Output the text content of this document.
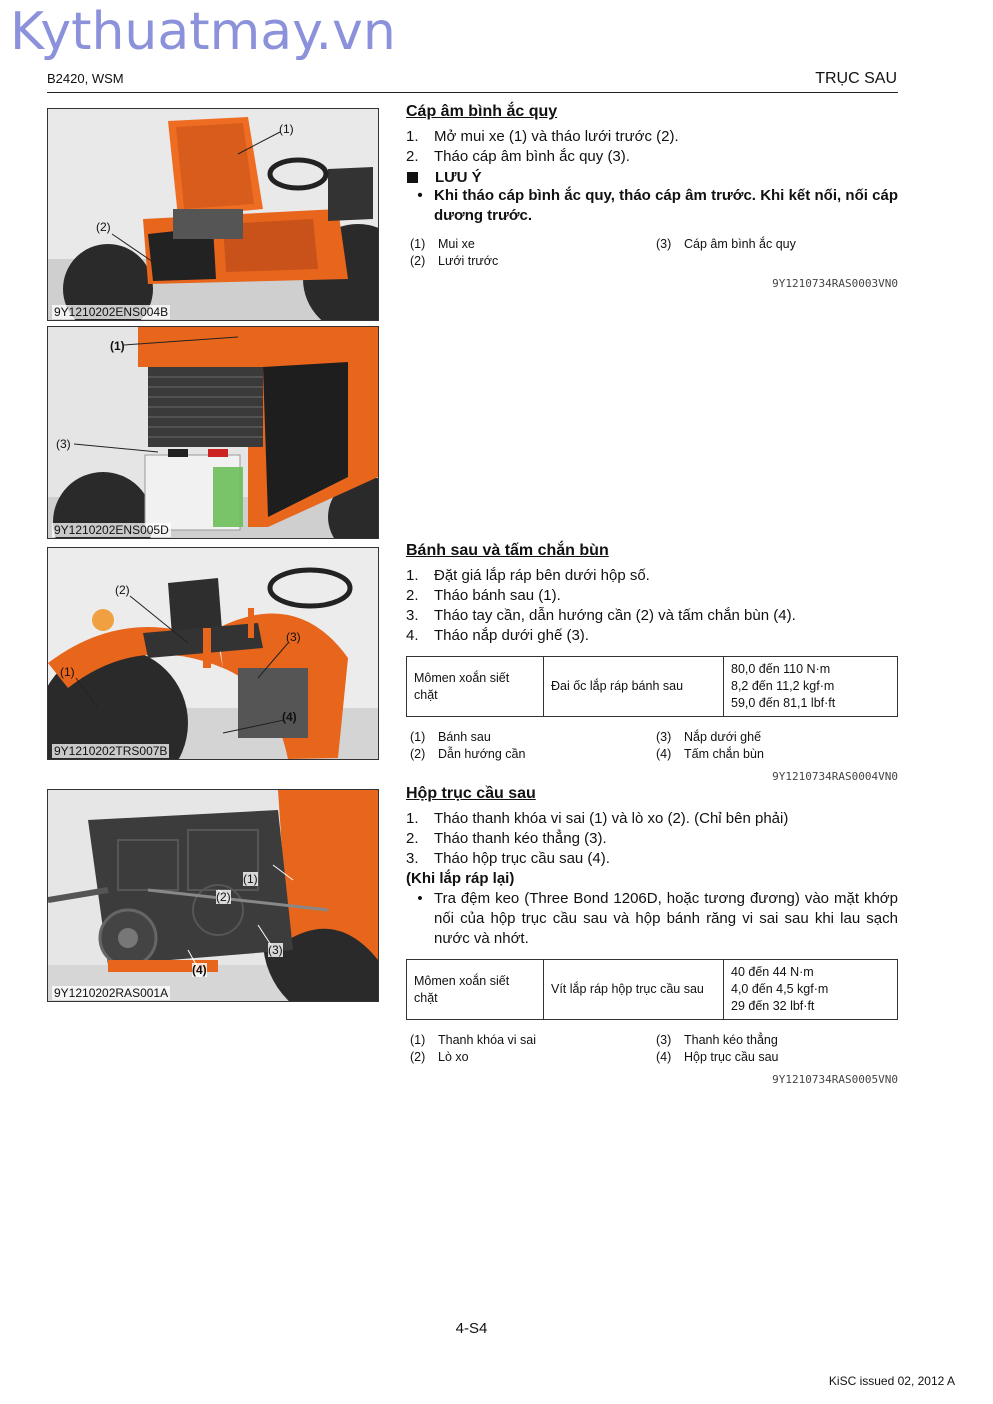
Kythuatmay.vn
B2420, WSM	TRỤC SAU
(1)
(2)
9Y1210202ENS004B
(1)
(3)
9Y1210202ENS005D
(2)
(3)
(1)
(4)
9Y1210202TRS007B
(1)
(2)
(3)
(4)
9Y1210202RAS001A
Cáp âm bình ắc quy
1.	Mở mui xe (1) và tháo lưới trước (2).
2.	Tháo cáp âm bình ắc quy (3).
LƯU Ý
• Khi tháo cáp bình ắc quy, tháo cáp âm trước. Khi kết nối, nối cáp dương trước.
(1)	Mui xe	(3)	Cáp âm bình ắc quy
(2)	Lưới trước
9Y1210734RAS0003VN0
Bánh sau và tấm chắn bùn
1.	Đặt giá lắp ráp bên dưới hộp số.
2.	Tháo bánh sau (1).
3.	Tháo tay cần, dẫn hướng cần (2) và tấm chắn bùn (4).
4.	Tháo nắp dưới ghế (3).
Mômen xoắn siết chặt	Đai ốc lắp ráp bánh sau	
80,0 đến 110 N·m
8,2 đến 11,2 kgf·m
59,0 đến 81,1 lbf·ft
(1)	Bánh sau	(3)	Nắp dưới ghế
(2)	Dẫn hướng cần	(4)	Tấm chắn bùn
9Y1210734RAS0004VN0
Hộp trục cầu sau
1.	Tháo thanh khóa vi sai (1) và lò xo (2). (Chỉ bên phải)
2.	Tháo thanh kéo thẳng (3).
3.	Tháo hộp trục cầu sau (4).
(Khi lắp ráp lại)
• Tra đệm keo (Three Bond 1206D, hoặc tương đương) vào mặt khớp nối của hộp trục cầu sau và hộp bánh răng vi sai sau khi lau sạch nước và nhớt.
Mômen xoắn siết chặt	Vít lắp ráp hộp trục cầu sau	
40 đến 44 N·m
4,0 đến 4,5 kgf·m
29 đến 32 lbf·ft
(1)	Thanh khóa vi sai	(3)	Thanh kéo thẳng
(2)	Lò xo	(4)	Hộp trục cầu sau
9Y1210734RAS0005VN0
4-S4
KiSC issued 02, 2012 A
